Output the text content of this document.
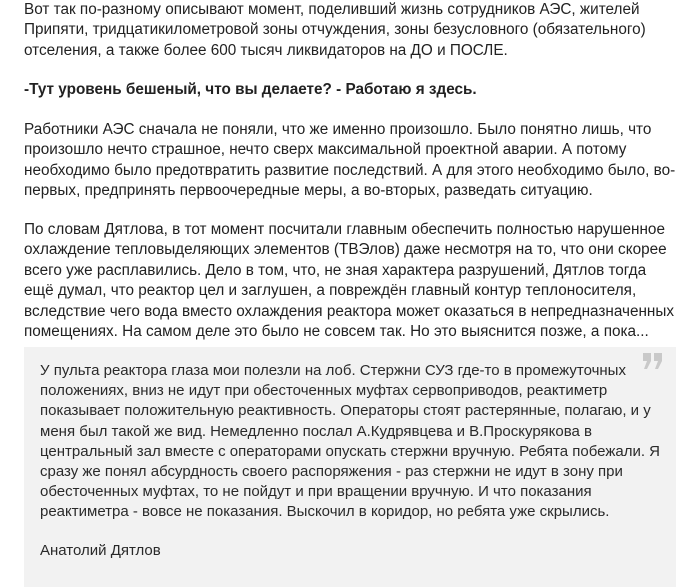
Вот так по-разному описывают момент, поделивший жизнь сотрудников АЭС, жителей Припяти, тридцатикилометровой зоны отчуждения, зоны безусловного (обязательного) отселения, а также более 600 тысяч ликвидаторов на ДО и ПОСЛЕ.

-Тут уровень бешеный, что вы делаете? - Работаю я здесь.

Работники АЭС сначала не поняли, что же именно произошло. Было понятно лишь, что произошло нечто страшное, нечто сверх максимальной проектной аварии. А потому необходимо было предотвратить развитие последствий. А для этого необходимо было, во-первых, предпринять первоочередные меры, а во-вторых, разведать ситуацию.

По словам Дятлова, в тот момент посчитали главным обеспечить полностью нарушенное охлаждение тепловыделяющих элементов (ТВЭлов) даже несмотря на то, что они скорее всего уже расплавились. Дело в том, что, не зная характера разрушений, Дятлов тогда ещё думал, что реактор цел и заглушен, а повреждён главный контур теплоносителя, вследствие чего вода вместо охлаждения реактора может оказаться в непредназначенных помещениях. На самом деле это было не совсем так. Но это выяснится позже, а пока...

У пульта реактора глаза мои полезли на лоб. Стержни СУЗ где-то в промежуточных положениях, вниз не идут при обесточенных муфтах сервоприводов, реактиметр показывает положительную реактивность. Операторы стоят растерянные, полагаю, и у меня был такой же вид. Немедленно послал А.Кудрявцева и В.Проскурякова в центральный зал вместе с операторами опускать стержни вручную. Ребята побежали. Я сразу же понял абсурдность своего распоряжения - раз стержни не идут в зону при обесточенных муфтах, то не пойдут и при вращении вручную. И что показания реактиметра - вовсе не показания. Выскочил в коридор, но ребята уже скрылись.

Анатолий Дятлов
